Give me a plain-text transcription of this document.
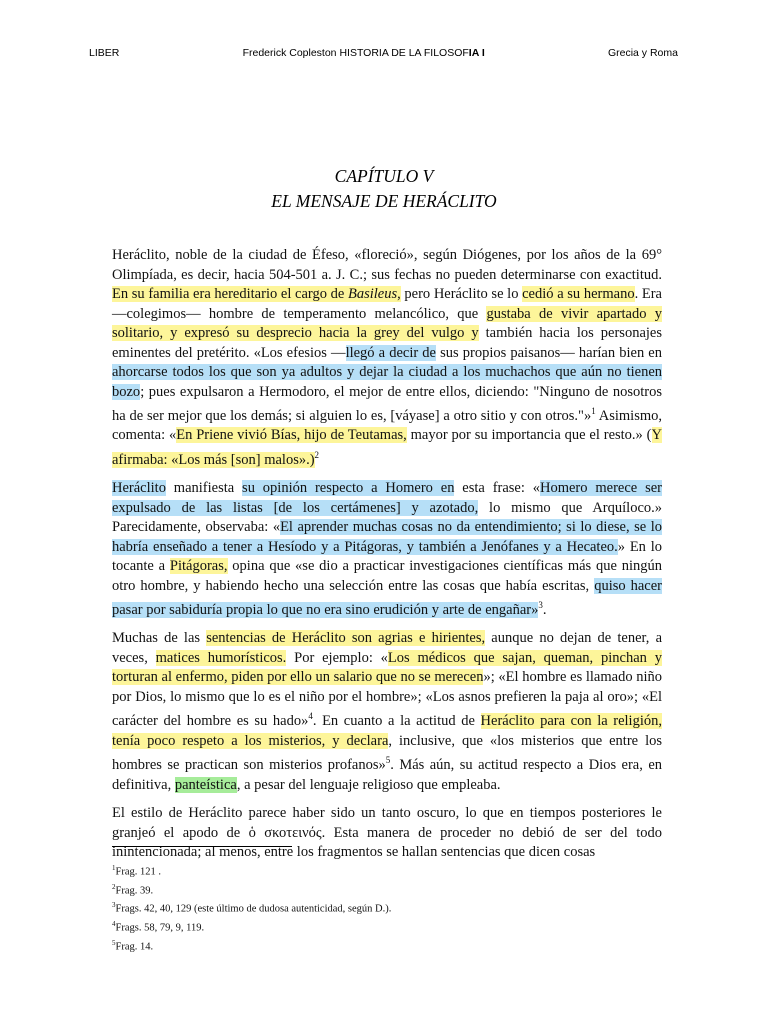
LIBER	Frederick Copleston HISTORIA DE LA FILOSOFIA I	Grecia y Roma
CAPÍTULO V
EL MENSAJE DE HERÁCLITO

Heráclito, noble de la ciudad de Éfeso, «floreció», según Diógenes, por los años de la 69° Olimpíada, es decir, hacia 504-501 a. J. C.; sus fechas no pueden determinarse con exactitud. En su familia era hereditario el cargo de Basileus, pero Heráclito se lo cedió a su hermano. Era —colegimos— hombre de temperamento melancólico, que gustaba de vivir apartado y solitario, y expresó su desprecio hacia la grey del vulgo y también hacia los personajes eminentes del pretérito. «Los efesios —llegó a decir de sus propios paisanos— harían bien en ahorcarse todos los que son ya adultos y dejar la ciudad a los muchachos que aún no tienen bozo; pues expulsaron a Hermodoro, el mejor de entre ellos, diciendo: "Ninguno de nosotros ha de ser mejor que los demás; si alguien lo es, [váyase] a otro sitio y con otros."»$^1$ Asimismo, comenta: «En Priene vivió Bías, hijo de Teutamas, mayor por su importancia que el resto.» (Y afirmaba: «Los más [son] malos».)$^2$

Heráclito manifiesta su opinión respecto a Homero en esta frase: «Homero merece ser expulsado de las listas [de los certámenes] y azotado, lo mismo que Arquíloco.» Parecidamente, observaba: «El aprender muchas cosas no da entendimiento; si lo diese, se lo habría enseñado a tener a Hesíodo y a Pitágoras, y también a Jenófanes y a Hecateo.» En lo tocante a Pitágoras, opina que «se dio a practicar investigaciones científicas más que ningún otro hombre, y habiendo hecho una selección entre las cosas que había escritas, quiso hacer pasar por sabiduría propia lo que no era sino erudición y arte de engañar»$^3$.

Muchas de las sentencias de Heráclito son agrias e hirientes, aunque no dejan de tener, a veces, matices humorísticos. Por ejemplo: «Los médicos que sajan, queman, pinchan y torturan al enfermo, piden por ello un salario que no se merecen»; «El hombre es llamado niño por Dios, lo mismo que lo es el niño por el hombre»; «Los asnos prefieren la paja al oro»; «El carácter del hombre es su hado»$^4$. En cuanto a la actitud de Heráclito para con la religión, tenía poco respeto a los misterios, y declara, inclusive, que «los misterios que entre los hombres se practican son misterios profanos»$^5$. Más aún, su actitud respecto a Dios era, en definitiva, panteística, a pesar del lenguaje religioso que empleaba.

El estilo de Heráclito parece haber sido un tanto oscuro, lo que en tiempos posteriores le granjeó el apodo de ὁ σκοτεινός. Esta manera de proceder no debió de ser del todo inintencionada; al menos, entre los fragmentos se hallan sentencias que dicen cosas

$^1$Frag. 121 .

$^2$Frag. 39.

$^3$Frags. 42, 40, 129 (este último de dudosa autenticidad, según D.).

$^4$Frags. 58, 79, 9, 119.

$^5$Frag. 14.
